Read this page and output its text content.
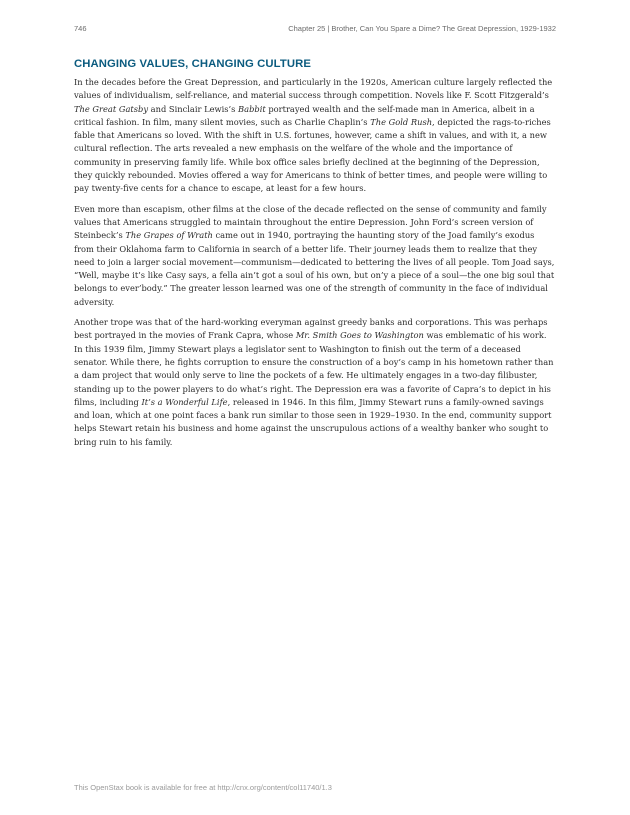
746	Chapter 25 | Brother, Can You Spare a Dime? The Great Depression, 1929-1932
CHANGING VALUES, CHANGING CULTURE

In the decades before the Great Depression, and particularly in the 1920s, American culture largely reflected the values of individualism, self-reliance, and material success through competition. Novels like F. Scott Fitzgerald’s The Great Gatsby and Sinclair Lewis’s Babbit portrayed wealth and the self-made man in America, albeit in a critical fashion. In film, many silent movies, such as Charlie Chaplin’s The Gold Rush, depicted the rags-to-riches fable that Americans so loved. With the shift in U.S. fortunes, however, came a shift in values, and with it, a new cultural reflection. The arts revealed a new emphasis on the welfare of the whole and the importance of community in preserving family life. While box office sales briefly declined at the beginning of the Depression, they quickly rebounded. Movies offered a way for Americans to think of better times, and people were willing to pay twenty-five cents for a chance to escape, at least for a few hours.

Even more than escapism, other films at the close of the decade reflected on the sense of community and family values that Americans struggled to maintain throughout the entire Depression. John Ford’s screen version of Steinbeck’s The Grapes of Wrath came out in 1940, portraying the haunting story of the Joad family’s exodus from their Oklahoma farm to California in search of a better life. Their journey leads them to realize that they need to join a larger social movement—communism—dedicated to bettering the lives of all people. Tom Joad says, “Well, maybe it’s like Casy says, a fella ain’t got a soul of his own, but on’y a piece of a soul—the one big soul that belongs to ever’body.” The greater lesson learned was one of the strength of community in the face of individual adversity.

Another trope was that of the hard-working everyman against greedy banks and corporations. This was perhaps best portrayed in the movies of Frank Capra, whose Mr. Smith Goes to Washington was emblematic of his work. In this 1939 film, Jimmy Stewart plays a legislator sent to Washington to finish out the term of a deceased senator. While there, he fights corruption to ensure the construction of a boy’s camp in his hometown rather than a dam project that would only serve to line the pockets of a few. He ultimately engages in a two-day filibuster, standing up to the power players to do what’s right. The Depression era was a favorite of Capra’s to depict in his films, including It’s a Wonderful Life, released in 1946. In this film, Jimmy Stewart runs a family-owned savings and loan, which at one point faces a bank run similar to those seen in 1929–1930. In the end, community support helps Stewart retain his business and home against the unscrupulous actions of a wealthy banker who sought to bring ruin to his family.

This OpenStax book is available for free at http://cnx.org/content/col11740/1.3
